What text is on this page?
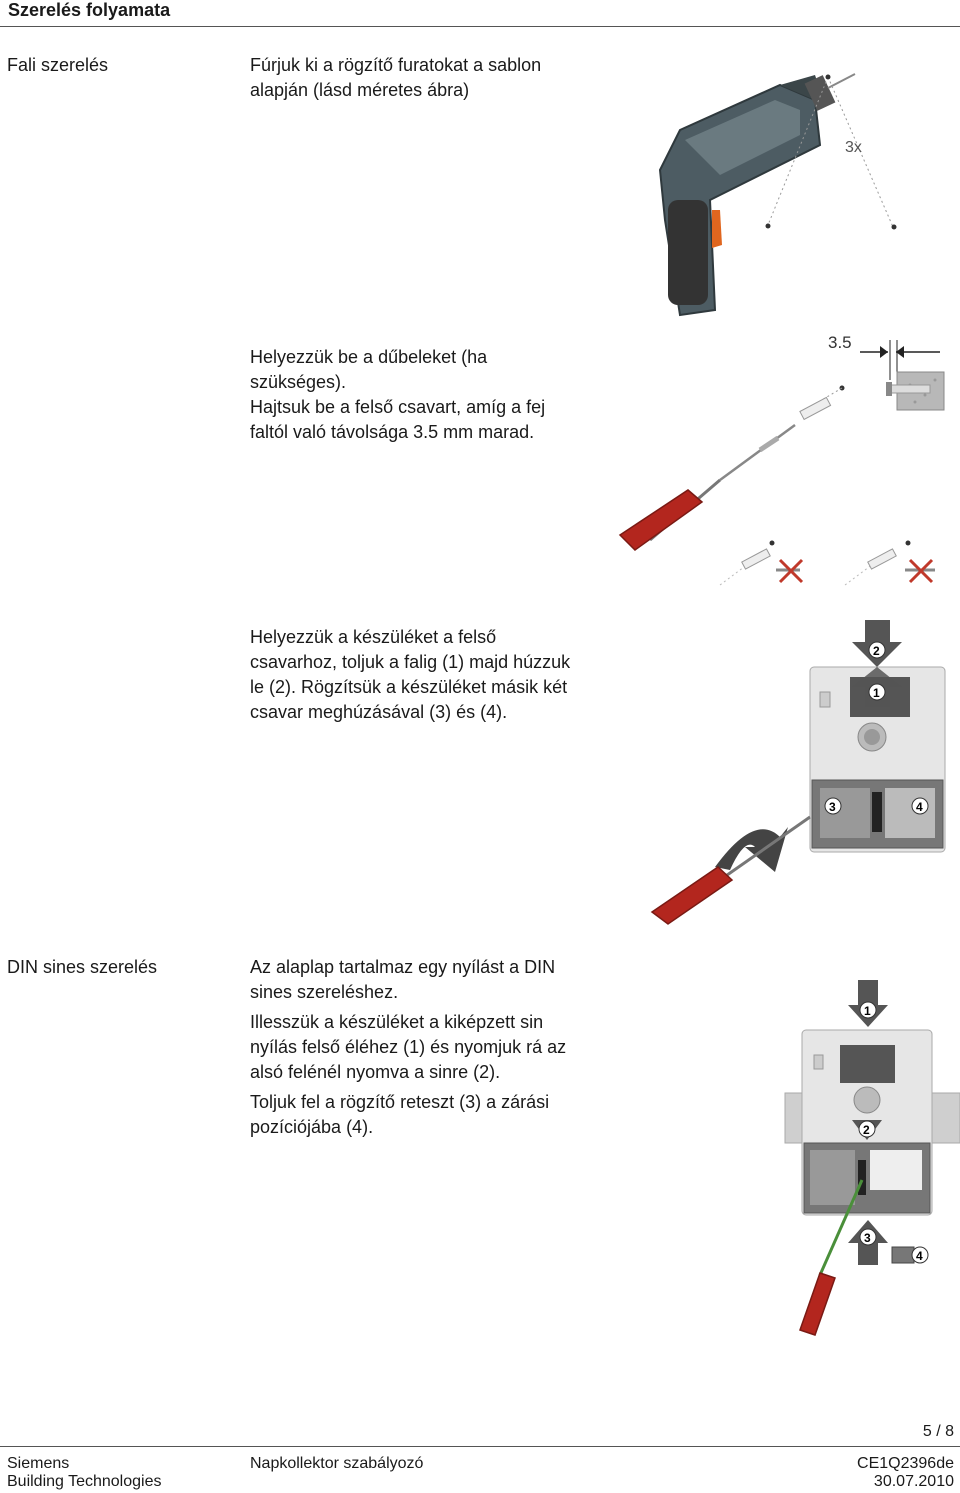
Szerelés folyamata
Fali szerelés	Fúrjuk ki a rögzítő furatokat a sablon
alapján (lásd méretes ábra)
Helyezzük be a dűbeleket (ha
szükséges).
Hajtsuk be a felső csavart, amíg a fej
faltól való távolsága 3.5 mm marad.
Helyezzük a készüléket a felső
csavarhoz, toljuk a falig (1) majd húzzuk
le (2). Rögzítsük a készüléket másik két
csavar meghúzásával (3) és (4).
3x
3.5
2
1
3	4
DIN sines szerelés	Az alaplap tartalmaz egy nyílást a DIN
sines szereléshez.

Illesszük a készüléket a kiképzett sin
nyílás felső éléhez (1) és nyomjuk rá az
alsó felénél nyomva a sinre (2).

Toljuk fel a rögzítő reteszt (3) a zárási
pozíciójába (4).

1
2
3
4
5 / 8
Siemens
Building Technologies
Napkollektor szabályozó	CE1Q2396de
30.07.2010
